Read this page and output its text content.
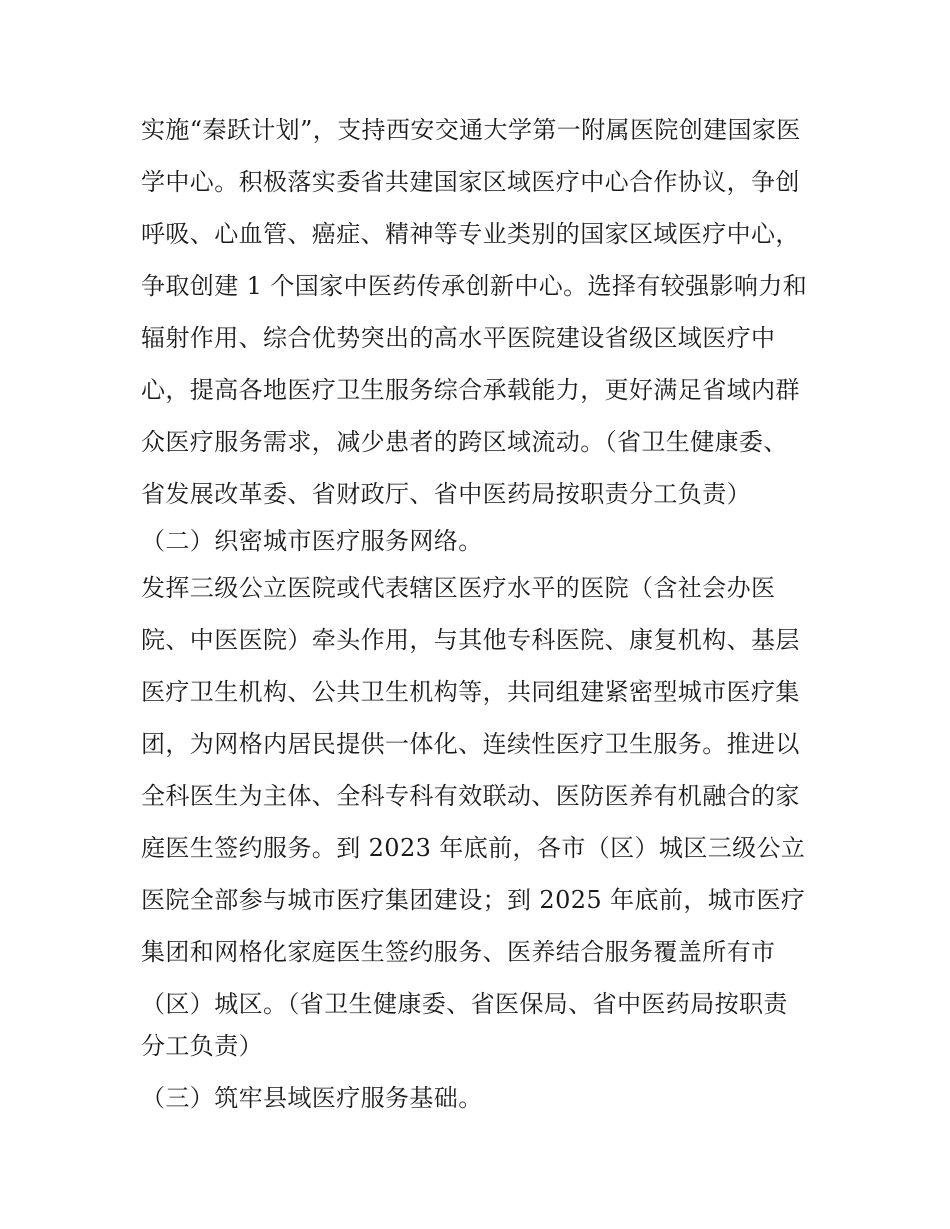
实施“秦跃计划”，支持西安交通大学第一附属医院创建国家医
学中心。积极落实委省共建国家区域医疗中心合作协议，争创
呼吸、心血管、癌症、精神等专业类别的国家区域医疗中心，
争取创建 1 个国家中医药传承创新中心。选择有较强影响力和
辐射作用、综合优势突出的高水平医院建设省级区域医疗中
心，提高各地医疗卫生服务综合承载能力，更好满足省域内群
众医疗服务需求，减少患者的跨区域流动。（省卫生健康委、
省发展改革委、省财政厅、省中医药局按职责分工负责）
（二）织密城市医疗服务网络。
发挥三级公立医院或代表辖区医疗水平的医院（含社会办医
院、中医医院）牵头作用，与其他专科医院、康复机构、基层
医疗卫生机构、公共卫生机构等，共同组建紧密型城市医疗集
团，为网格内居民提供一体化、连续性医疗卫生服务。推进以
全科医生为主体、全科专科有效联动、医防医养有机融合的家
庭医生签约服务。到 2023 年底前，各市（区）城区三级公立
医院全部参与城市医疗集团建设；到 2025 年底前，城市医疗
集团和网格化家庭医生签约服务、医养结合服务覆盖所有市
（区）城区。（省卫生健康委、省医保局、省中医药局按职责
分工负责）
（三）筑牢县域医疗服务基础。
